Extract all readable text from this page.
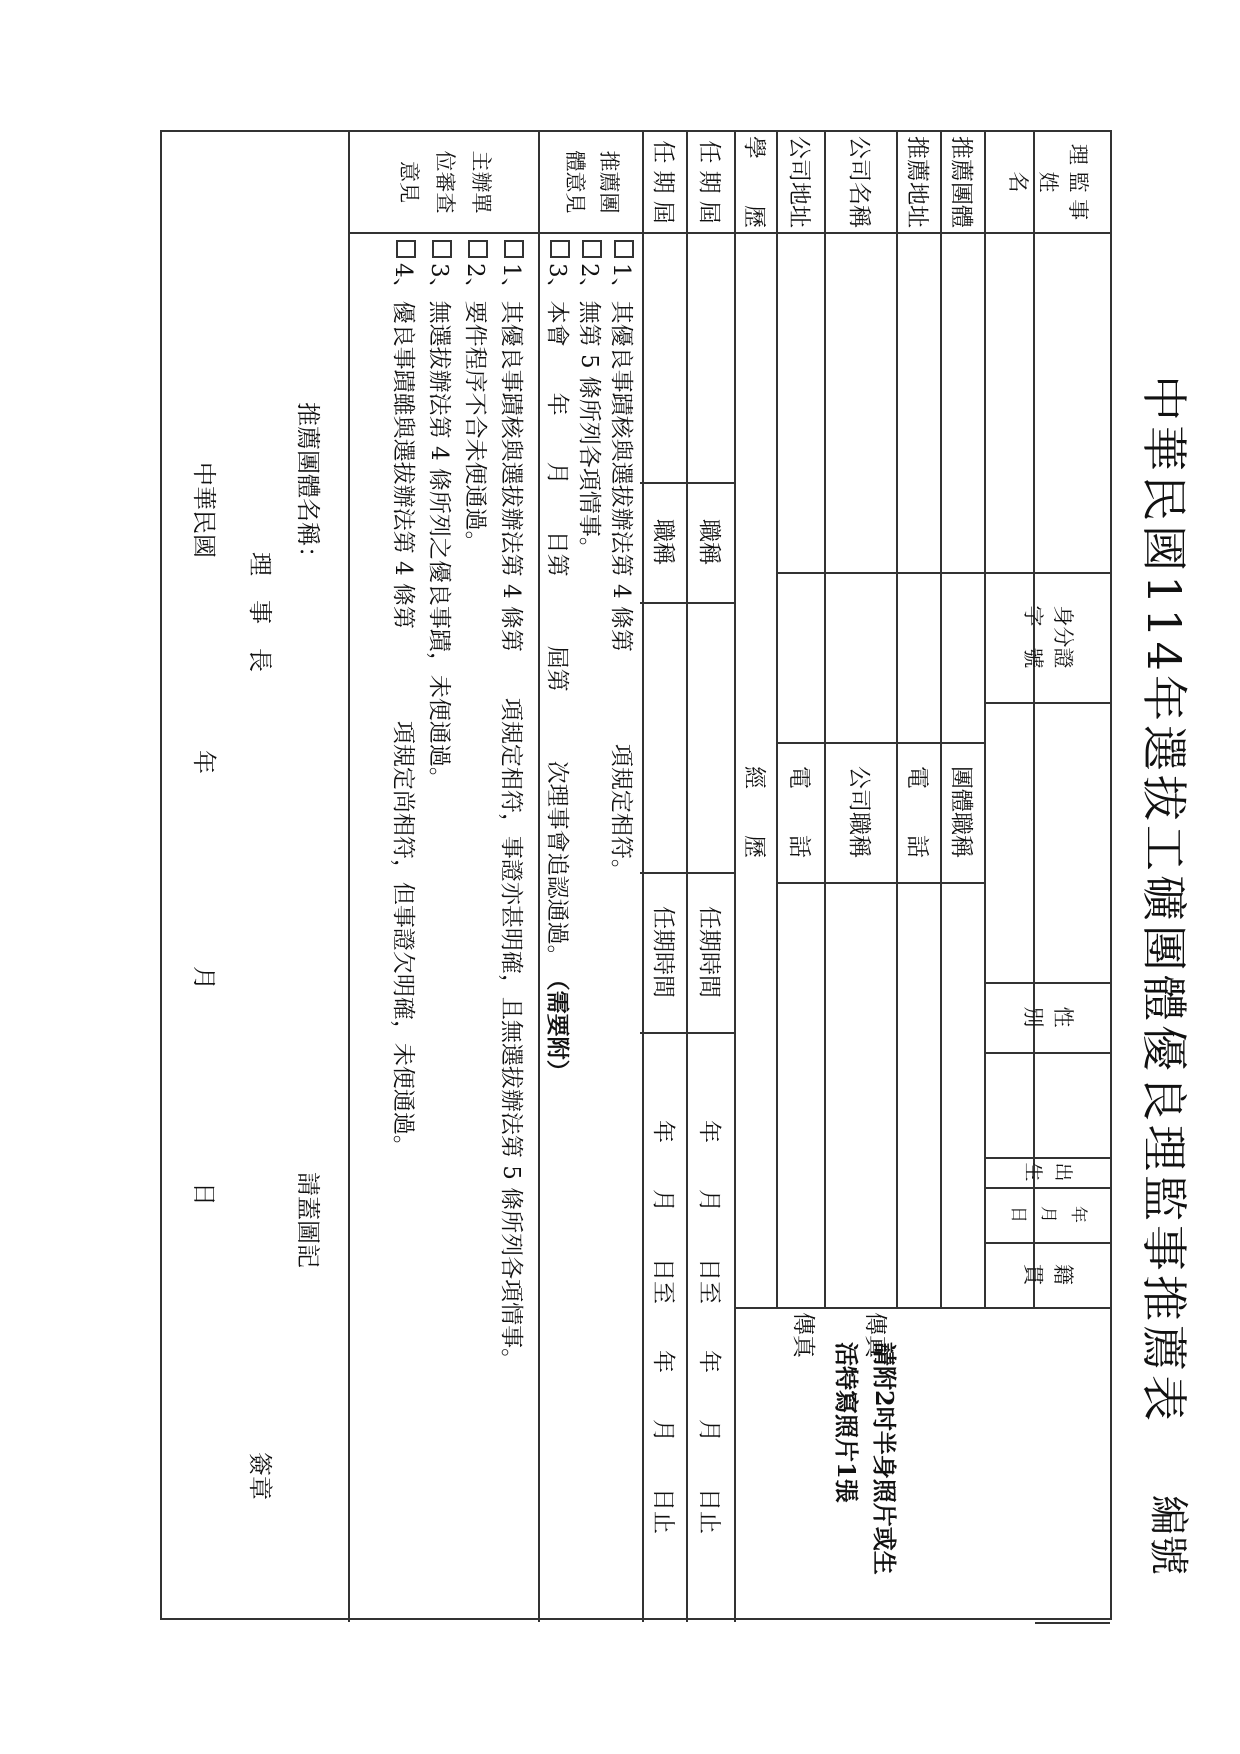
中華民國114年選拔工礦團體優良理監事推薦表
編號
理 監 事 姓　　名
身分證 字　號
性 別
出 生
年　　月　　日
籍 貫
請附2吋半身照片或生活特寫照片1張
推薦團體
團體職稱
推薦地址
電　　話
公司名稱
公司職稱
公司地址
電　　話
學　　歷
經　　歷
傳真
傳真
任 期 屆
職稱
任期時間
年　　月　　日至　　年　　月　　日止
任 期 屆
職稱
任期時間
年　　月　　日至　　年　　月　　日止
推薦團體意見
1、其優良事蹟核與選拔辦法第 4 條第　　　　項規定相符。
2、無第 5 條所列各項情事。
3、本會　　年　　月　　日第　　　屆第　　　次理事會追認通過。
（需要附）
主辦單位審查意見
1、其優良事蹟核與選拔辦法第 4 條第　　項規定相符，事證亦甚明確，且無選拔辦法第 5 條所列各項情事。
2、要件程序不合未便通過。
3、無選拔辦法第 4 條所列之優良事蹟，未便通過。
4、優良事蹟雖與選拔辦法第 4 條第　　　　項規定尚相符，但事證欠明確，未便通過。
推薦團體名稱：
請蓋圖記
理　事　長
簽章
中華民國　　　　　　　　年　　　　　　　　月　　　　　　　　日
